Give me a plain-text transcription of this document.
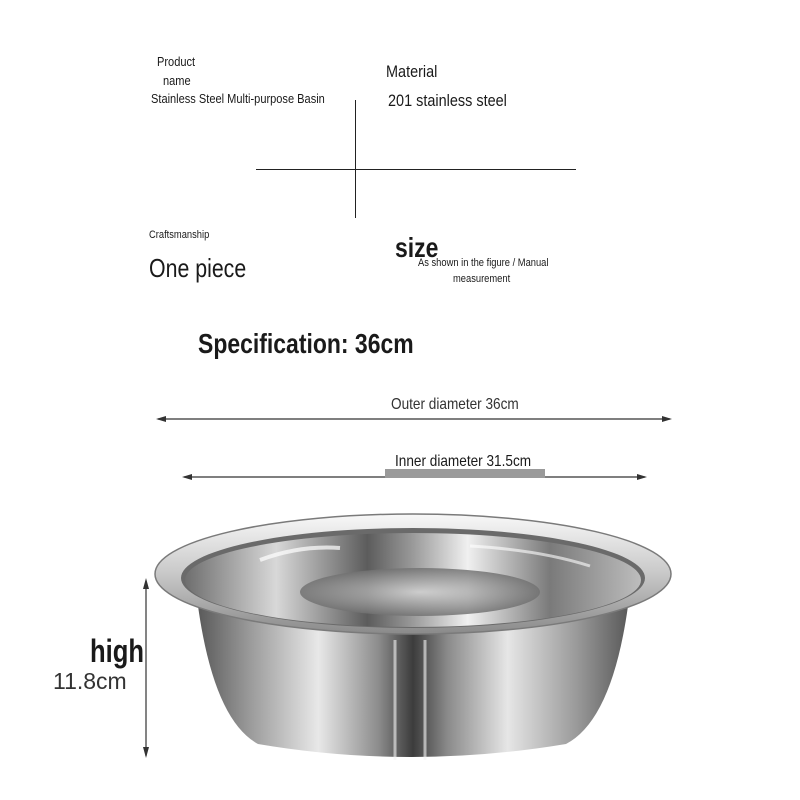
Product
name
Stainless Steel Multi-purpose Basin
Material
201 stainless steel
Craftsmanship
One piece
size
As shown in the figure / Manual
measurement
Specification: 36cm
Outer diameter 36cm
Inner diameter 31.5cm
high
11.8cm
